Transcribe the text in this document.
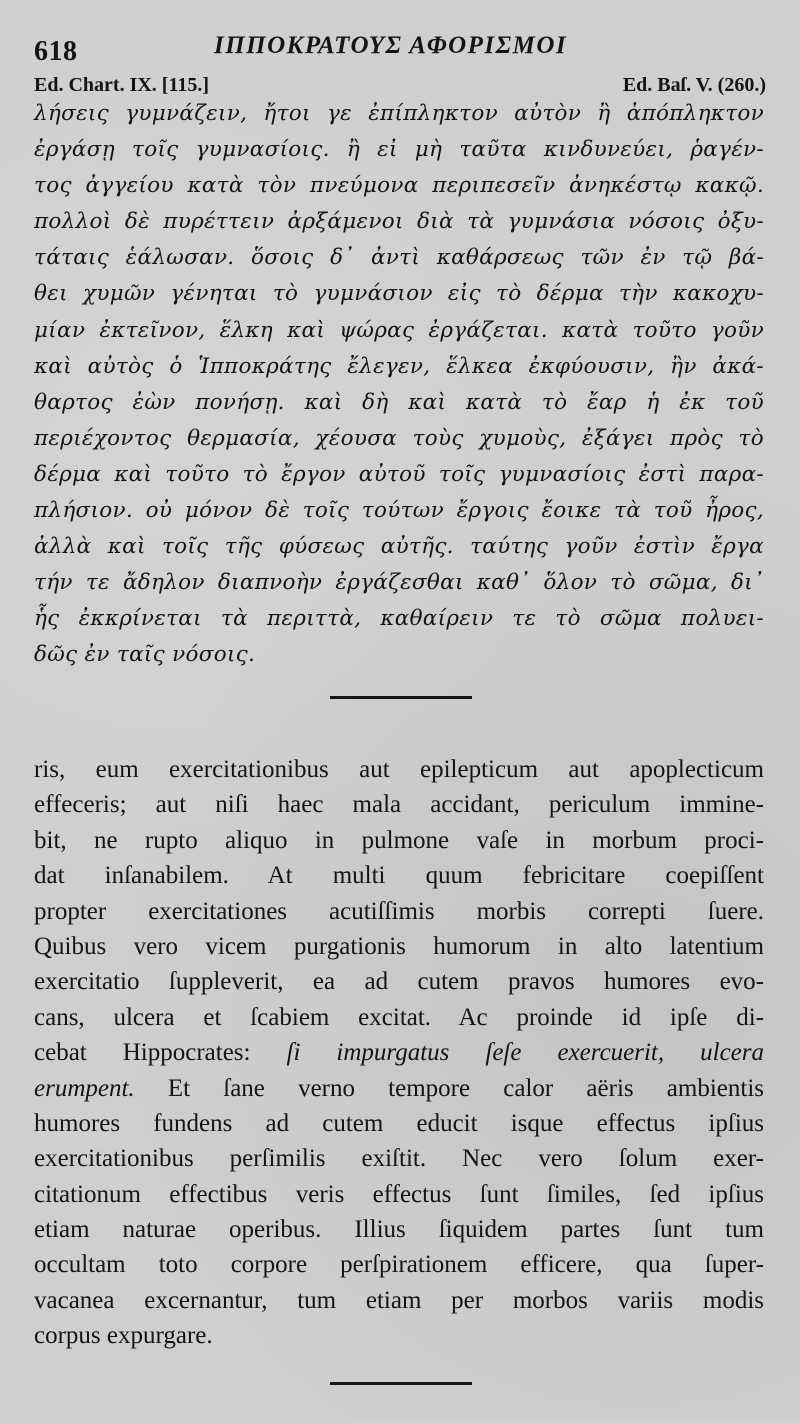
618	ΙΠΠΟΚΡΑΤΟΥΣ ΑΦΟΡΙΣΜΟΙ
Ed. Chart. IX. [115.]	Ed. Baſ. V. (260.)
λήσεις γυμνάζειν, ἤτοι γε ἐπίπληκτον αὐτὸν ἢ ἀπόπληκτον
ἐργάσῃ τοῖς γυμνασίοις. ἢ εἰ μὴ ταῦτα κινδυνεύει, ῥαγέν-
τος ἀγγείου κατὰ τὸν πνεύμονα περιπεσεῖν ἀνηκέστῳ κακῷ.
πολλοὶ δὲ πυρέττειν ἀρξάμενοι διὰ τὰ γυμνάσια νόσοις ὀξυ-
τάταις ἑάλωσαν. ὅσοις δ᾽ ἀντὶ καθάρσεως τῶν ἐν τῷ βά-
θει χυμῶν γένηται τὸ γυμνάσιον εἰς τὸ δέρμα τὴν κακοχυ-
μίαν ἐκτεῖνον, ἕλκη καὶ ψώρας ἐργάζεται. κατὰ τοῦτο γοῦν
καὶ αὐτὸς ὁ Ἱπποκράτης ἔλεγεν, ἕλκεα ἐκφύουσιν, ἢν ἀκά-
θαρτος ἐὼν πονήσῃ. καὶ δὴ καὶ κατὰ τὸ ἔαρ ἡ ἐκ τοῦ
περιέχοντος θερμασία, χέουσα τοὺς χυμοὺς, ἐξάγει πρὸς τὸ
δέρμα καὶ τοῦτο τὸ ἔργον αὐτοῦ τοῖς γυμνασίοις ἐστὶ παρα-
πλήσιον. οὐ μόνον δὲ τοῖς τούτων ἔργοις ἔοικε τὰ τοῦ ἦρος,
ἀλλὰ καὶ τοῖς τῆς φύσεως αὐτῆς. ταύτης γοῦν ἐστὶν ἔργα
τήν τε ἄδηλον διαπνοὴν ἐργάζεσθαι καθ᾽ ὅλον τὸ σῶμα, δι᾽
ἧς ἐκκρίνεται τὰ περιττὰ, καθαίρειν τε τὸ σῶμα πολυει-
δῶς ἐν ταῖς νόσοις.
ris, eum exercitationibus aut epilepticum aut apoplecticum
effeceris; aut niſi haec mala accidant, periculum immine-
bit, ne rupto aliquo in pulmone vaſe in morbum proci-
dat inſanabilem. At multi quum febricitare coepiſſent
propter exercitationes acutiſſimis morbis correpti ſuere.
Quibus vero vicem purgationis humorum in alto latentium
exercitatio ſuppleverit, ea ad cutem pravos humores evo-
cans, ulcera et ſcabiem excitat. Ac proinde id ipſe di-
cebat Hippocrates: ſi impurgatus ſeſe exercuerit, ulcera
erumpent. Et ſane verno tempore calor aëris ambientis
humores fundens ad cutem educit isque effectus ipſius
exercitationibus perſimilis exiſtit. Nec vero ſolum exer-
citationum effectibus veris effectus ſunt ſimiles, ſed ipſius
etiam naturae operibus. Illius ſiquidem partes ſunt tum
occultam toto corpore perſpirationem efficere, qua ſuper-
vacanea excernantur, tum etiam per morbos variis modis
corpus expurgare.
